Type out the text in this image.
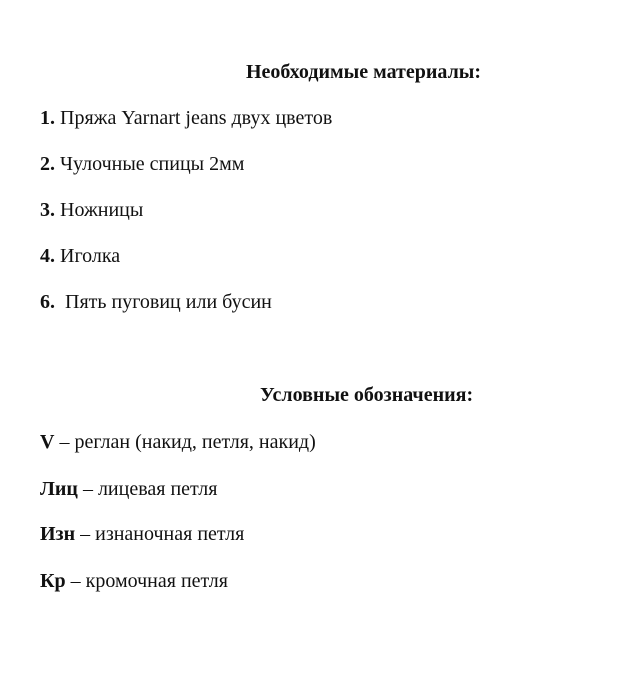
Необходимые материалы:
1. Пряжа Yarnart jeans двух цветов
2. Чулочные спицы 2мм
3. Ножницы
4. Иголка
6.  Пять пуговиц или бусин
Условные обозначения:
V – реглан (накид, петля, накид)
Лиц – лицевая петля
Изн – изнаночная петля
Кр – кромочная петля
